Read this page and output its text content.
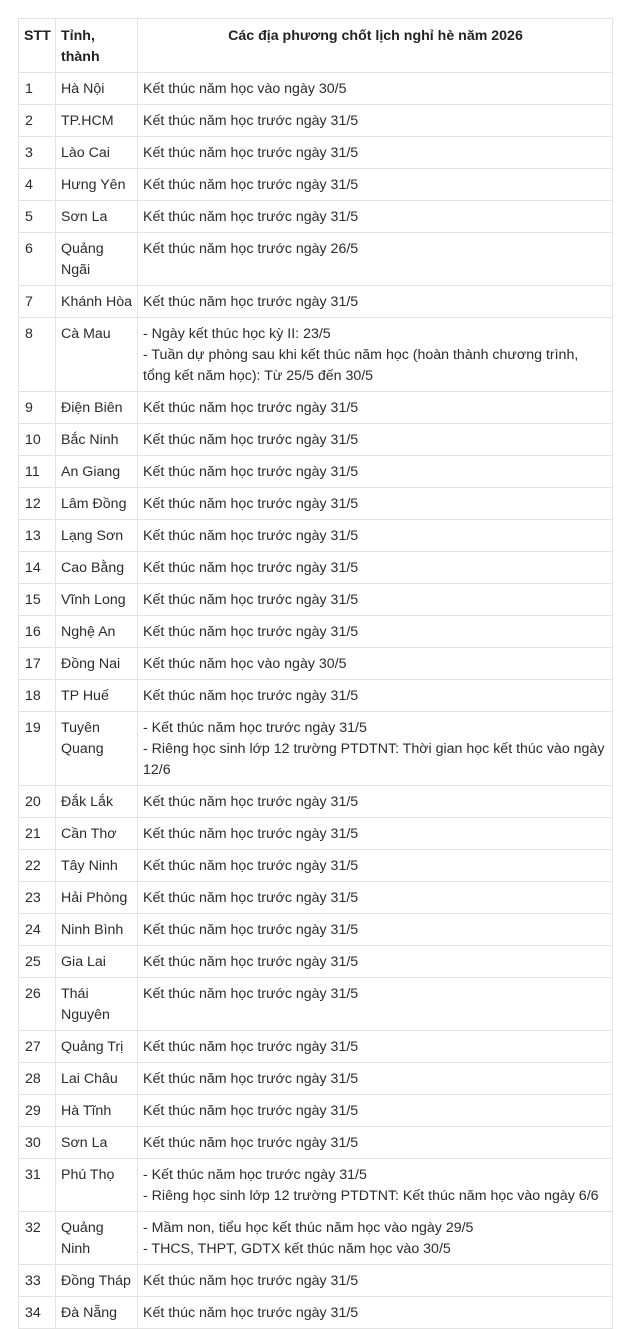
STT	Tỉnh, thành	Các địa phương chốt lịch nghỉ hè năm 2026
1	Hà Nội	Kết thúc năm học vào ngày 30/5

2	TP.HCM	Kết thúc năm học trước ngày 31/5

3	Lào Cai	Kết thúc năm học trước ngày 31/5

4	Hưng Yên	Kết thúc năm học trước ngày 31/5

5	Sơn La	Kết thúc năm học trước ngày 31/5

6	Quảng Ngãi	Kết thúc năm học trước ngày 26/5

7	Khánh Hòa	Kết thúc năm học trước ngày 31/5

8	Cà Mau	- Ngày kết thúc học kỳ II: 23/5
- Tuần dự phòng sau khi kết thúc năm học (hoàn thành chương trình, tổng kết năm học): Từ 25/5 đến 30/5

9	Điện Biên	Kết thúc năm học trước ngày 31/5

10	Bắc Ninh	Kết thúc năm học trước ngày 31/5

11	An Giang	Kết thúc năm học trước ngày 31/5

12	Lâm Đồng	Kết thúc năm học trước ngày 31/5

13	Lạng Sơn	Kết thúc năm học trước ngày 31/5

14	Cao Bằng	Kết thúc năm học trước ngày 31/5

15	Vĩnh Long	Kết thúc năm học trước ngày 31/5

16	Nghệ An	Kết thúc năm học trước ngày 31/5

17	Đồng Nai	Kết thúc năm học vào ngày 30/5

18	TP Huế	Kết thúc năm học trước ngày 31/5

19	Tuyên Quang	- Kết thúc năm học trước ngày 31/5
- Riêng học sinh lớp 12 trường PTDTNT: Thời gian học kết thúc vào ngày 12/6

20	Đắk Lắk	Kết thúc năm học trước ngày 31/5

21	Cần Thơ	Kết thúc năm học trước ngày 31/5

22	Tây Ninh	Kết thúc năm học trước ngày 31/5

23	Hải Phòng	Kết thúc năm học trước ngày 31/5

24	Ninh Bình	Kết thúc năm học trước ngày 31/5

25	Gia Lai	Kết thúc năm học trước ngày 31/5

26	Thái Nguyên	Kết thúc năm học trước ngày 31/5

27	Quảng Trị	Kết thúc năm học trước ngày 31/5

28	Lai Châu	Kết thúc năm học trước ngày 31/5

29	Hà Tĩnh	Kết thúc năm học trước ngày 31/5

30	Sơn La	Kết thúc năm học trước ngày 31/5

31	Phú Thọ	- Kết thúc năm học trước ngày 31/5
- Riêng học sinh lớp 12 trường PTDTNT: Kết thúc năm học vào ngày 6/6

32	Quảng Ninh	- Mầm non, tiểu học kết thúc năm học vào ngày 29/5
- THCS, THPT, GDTX kết thúc năm học vào 30/5

33	Đồng Tháp	Kết thúc năm học trước ngày 31/5

34	Đà Nẵng	Kết thúc năm học trước ngày 31/5
